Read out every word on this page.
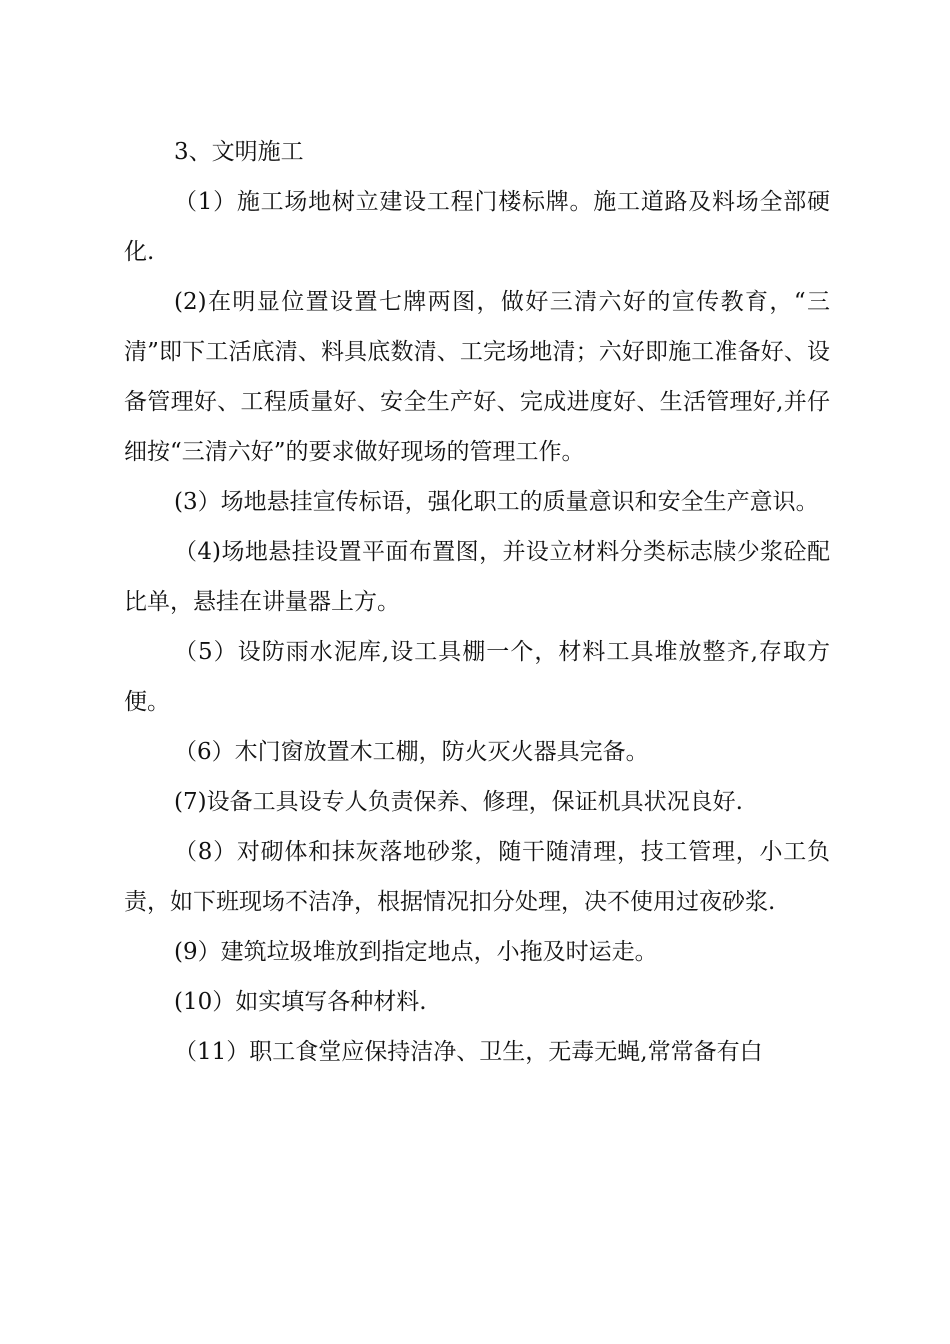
3、文明施工

（1）施工场地树立建设工程门楼标牌。施工道路及料场全部硬化.

(2)在明显位置设置七牌两图，做好三清六好的宣传教育，“三清”即下工活底清、料具底数清、工完场地清；六好即施工准备好、设备管理好、工程质量好、安全生产好、完成进度好、生活管理好,并仔细按“三清六好”的要求做好现场的管理工作。

(3）场地悬挂宣传标语，强化职工的质量意识和安全生产意识。

（4)场地悬挂设置平面布置图，并设立材料分类标志牍少浆砼配比单，悬挂在讲量器上方。

（5）设防雨水泥库,设工具棚一个，材料工具堆放整齐,存取方便。

（6）木门窗放置木工棚，防火灭火器具完备。

(7)设备工具设专人负责保养、修理，保证机具状况良好.

（8）对砌体和抹灰落地砂浆，随干随清理，技工管理，小工负责，如下班现场不洁净，根据情况扣分处理，决不使用过夜砂浆.

(9）建筑垃圾堆放到指定地点，小拖及时运走。

(10）如实填写各种材料.

（11）职工食堂应保持洁净、卫生，无毒无蝇,常常备有白
